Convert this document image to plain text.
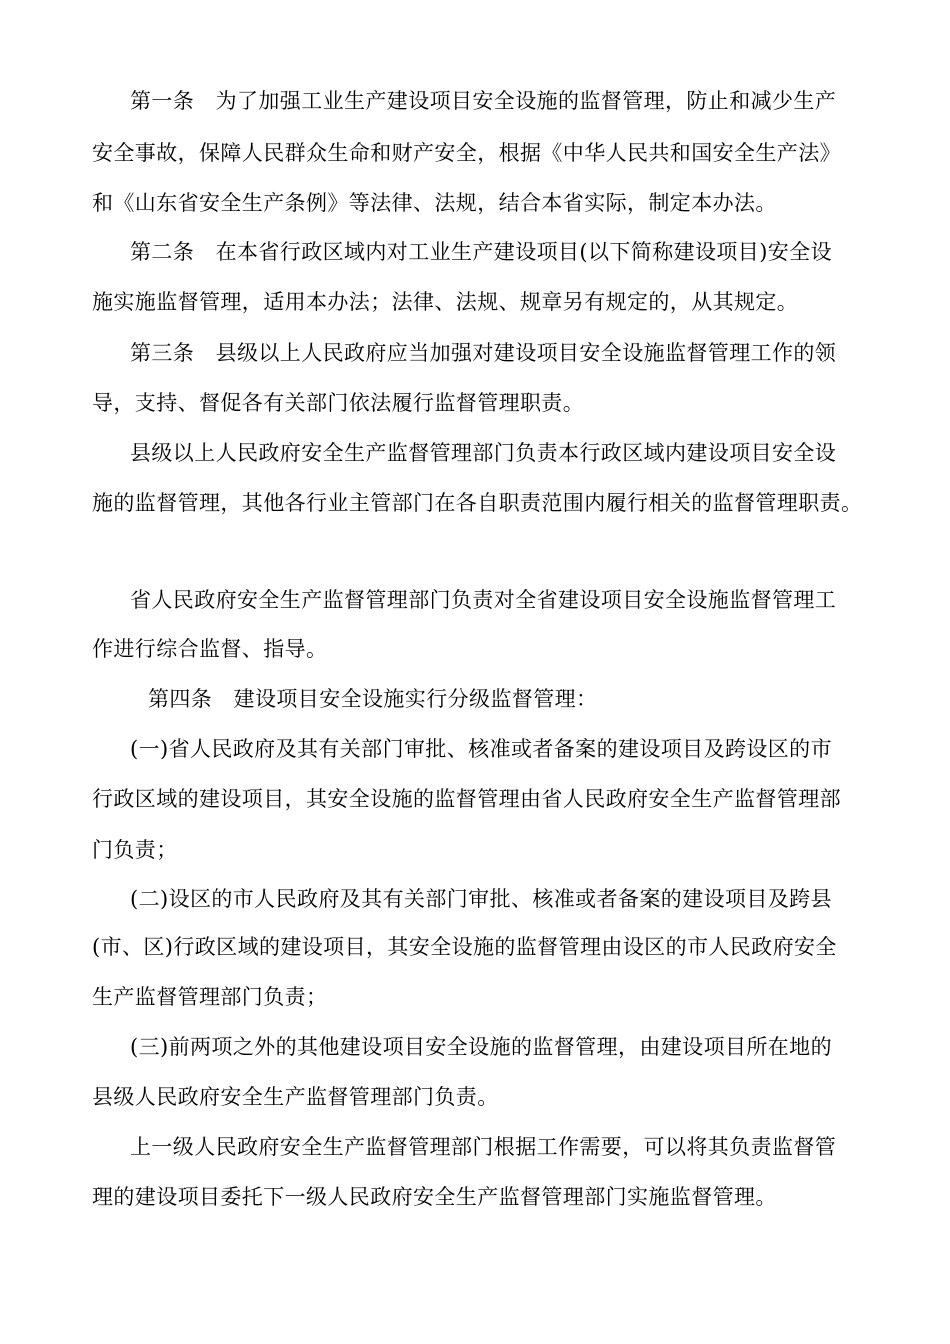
第一条　为了加强工业生产建设项目安全设施的监督管理，防止和减少生产
安全事故，保障人民群众生命和财产安全，根据《中华人民共和国安全生产法》
和《山东省安全生产条例》等法律、法规，结合本省实际，制定本办法。
第二条　在本省行政区域内对工业生产建设项目(以下简称建设项目)安全设
施实施监督管理，适用本办法；法律、法规、规章另有规定的，从其规定。
第三条　县级以上人民政府应当加强对建设项目安全设施监督管理工作的领
导，支持、督促各有关部门依法履行监督管理职责。
县级以上人民政府安全生产监督管理部门负责本行政区域内建设项目安全设
施的监督管理，其他各行业主管部门在各自职责范围内履行相关的监督管理职责。
省人民政府安全生产监督管理部门负责对全省建设项目安全设施监督管理工
作进行综合监督、指导。
第四条　建设项目安全设施实行分级监督管理：
(一)省人民政府及其有关部门审批、核准或者备案的建设项目及跨设区的市
行政区域的建设项目，其安全设施的监督管理由省人民政府安全生产监督管理部
门负责；
(二)设区的市人民政府及其有关部门审批、核准或者备案的建设项目及跨县
(市、区)行政区域的建设项目，其安全设施的监督管理由设区的市人民政府安全
生产监督管理部门负责；
(三)前两项之外的其他建设项目安全设施的监督管理，由建设项目所在地的
县级人民政府安全生产监督管理部门负责。
上一级人民政府安全生产监督管理部门根据工作需要，可以将其负责监督管
理的建设项目委托下一级人民政府安全生产监督管理部门实施监督管理。
